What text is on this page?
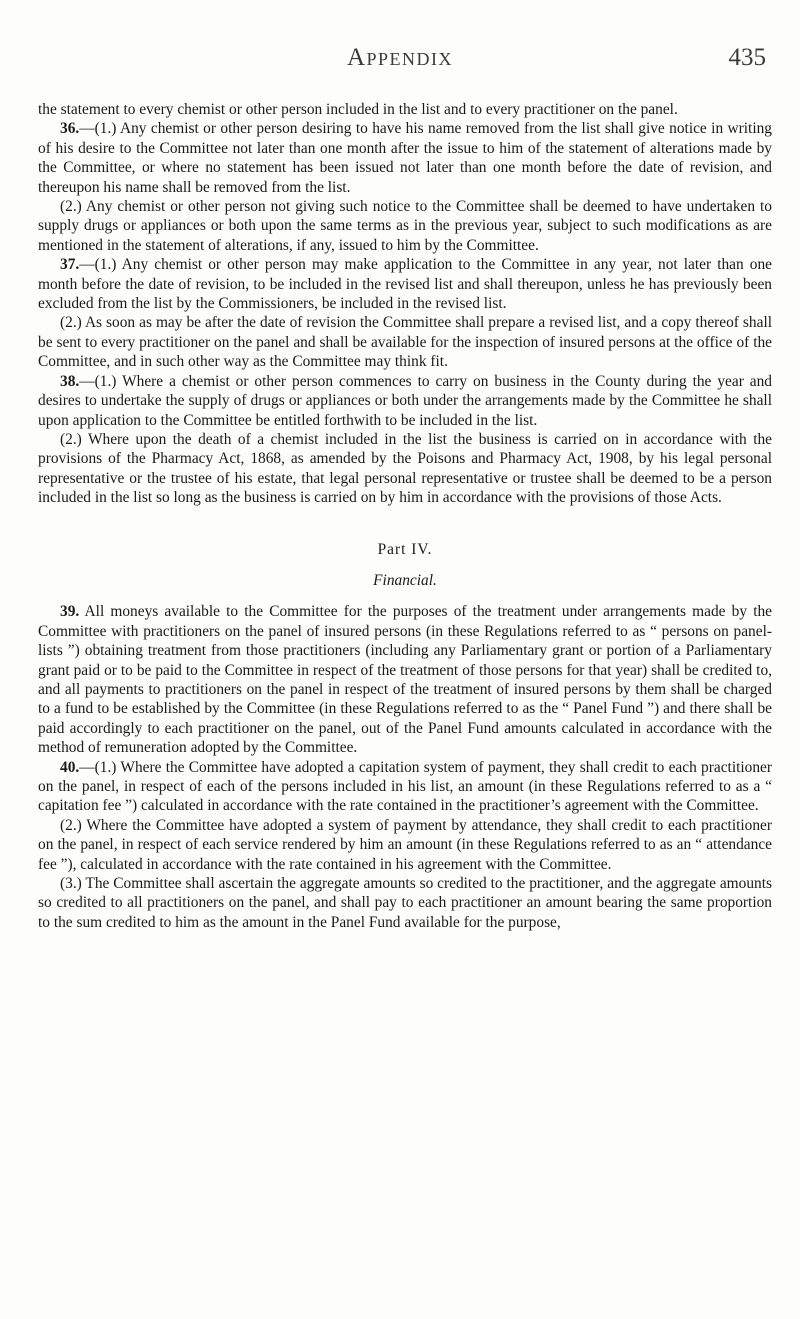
Appendix	435

the statement to every chemist or other person included in the list and to every practitioner on the panel.

36.—(1.) Any chemist or other person desiring to have his name removed from the list shall give notice in writing of his desire to the Committee not later than one month after the issue to him of the statement of alterations made by the Committee, or where no statement has been issued not later than one month before the date of revision, and thereupon his name shall be removed from the list.

(2.) Any chemist or other person not giving such notice to the Committee shall be deemed to have undertaken to supply drugs or appliances or both upon the same terms as in the previous year, subject to such modifications as are mentioned in the statement of alterations, if any, issued to him by the Committee.

37.—(1.) Any chemist or other person may make application to the Committee in any year, not later than one month before the date of revision, to be included in the revised list and shall thereupon, unless he has previously been excluded from the list by the Commissioners, be included in the revised list.

(2.) As soon as may be after the date of revision the Committee shall prepare a revised list, and a copy thereof shall be sent to every practitioner on the panel and shall be available for the inspection of insured persons at the office of the Committee, and in such other way as the Committee may think fit.

38.—(1.) Where a chemist or other person commences to carry on business in the County during the year and desires to undertake the supply of drugs or appliances or both under the arrangements made by the Committee he shall upon application to the Committee be entitled forthwith to be included in the list.

(2.) Where upon the death of a chemist included in the list the business is carried on in accordance with the provisions of the Pharmacy Act, 1868, as amended by the Poisons and Pharmacy Act, 1908, by his legal personal representative or the trustee of his estate, that legal personal representative or trustee shall be deemed to be a person included in the list so long as the business is carried on by him in accordance with the provisions of those Acts.

Part IV.

Financial.

39. All moneys available to the Committee for the purposes of the treatment under arrangements made by the Committee with practitioners on the panel of insured persons (in these Regulations referred to as “ persons on panel-lists ”) obtaining treatment from those practitioners (including any Parliamentary grant or portion of a Parliamentary grant paid or to be paid to the Committee in respect of the treatment of those persons for that year) shall be credited to, and all payments to practitioners on the panel in respect of the treatment of insured persons by them shall be charged to a fund to be established by the Committee (in these Regulations referred to as the “ Panel Fund ”) and there shall be paid accordingly to each practitioner on the panel, out of the Panel Fund amounts calculated in accordance with the method of remuneration adopted by the Committee.

40.—(1.) Where the Committee have adopted a capitation system of payment, they shall credit to each practitioner on the panel, in respect of each of the persons included in his list, an amount (in these Regulations referred to as a “ capitation fee ”) calculated in accordance with the rate contained in the practitioner’s agreement with the Committee.

(2.) Where the Committee have adopted a system of payment by attendance, they shall credit to each practitioner on the panel, in respect of each service rendered by him an amount (in these Regulations referred to as an “ attendance fee ”), calculated in accordance with the rate contained in his agreement with the Committee.

(3.) The Committee shall ascertain the aggregate amounts so credited to the practitioner, and the aggregate amounts so credited to all practitioners on the panel, and shall pay to each practitioner an amount bearing the same proportion to the sum credited to him as the amount in the Panel Fund available for the purpose,
